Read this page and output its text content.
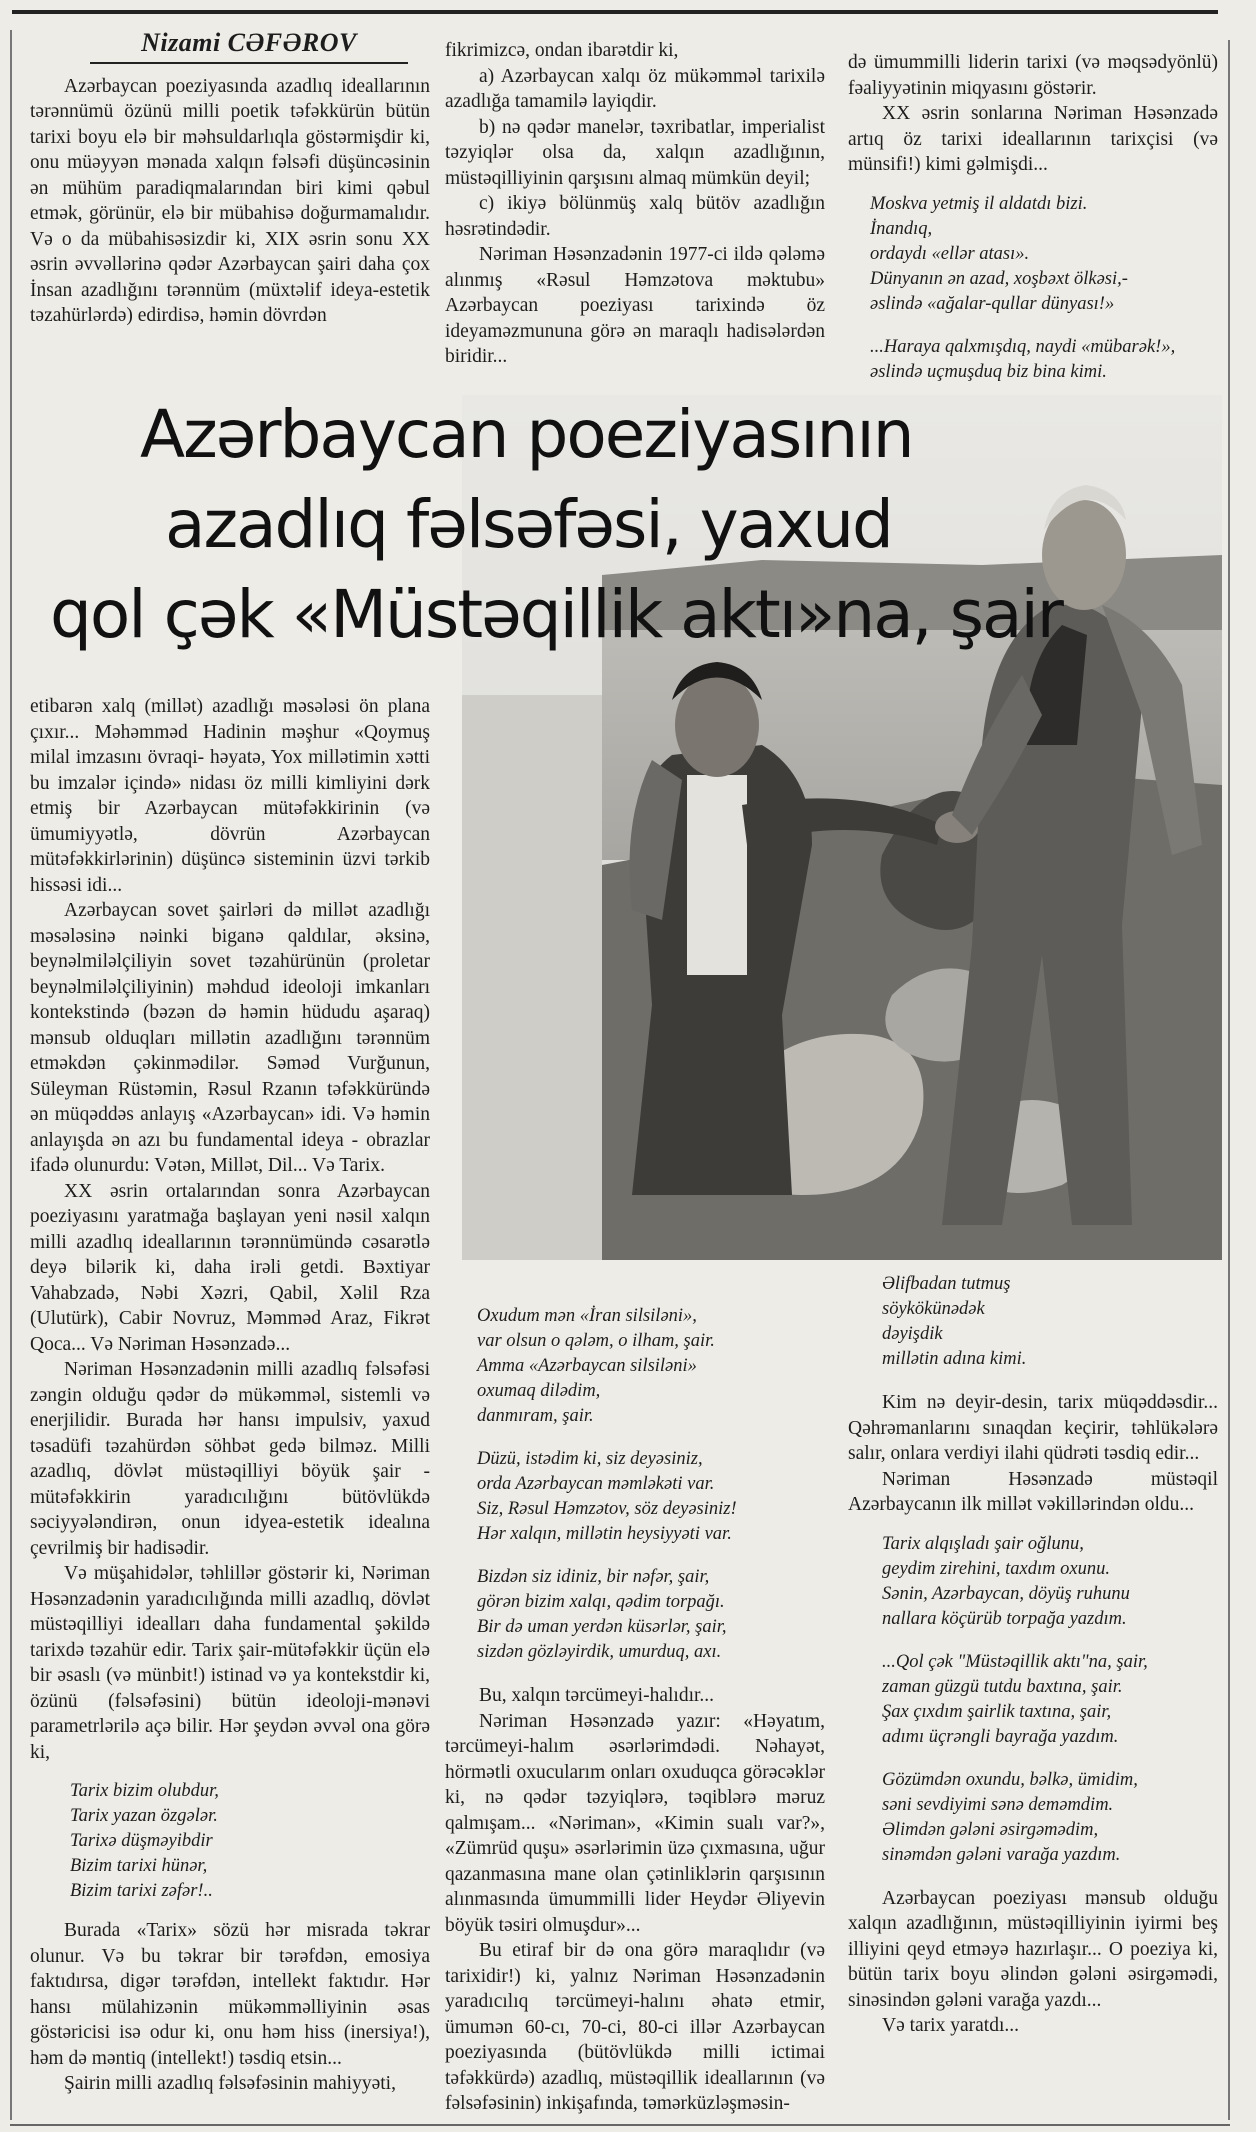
Nizami CƏFƏROV

Azərbaycan poeziyasında azadlıq ideallarının tərənnümü özünü milli poetik təfəkkürün bütün tarixi boyu elə bir məhsuldarlıqla göstərmişdir ki, onu müəyyən mənada xalqın fəlsəfi düşüncəsinin ən mühüm paradiqmalarından biri kimi qəbul etmək, görünür, elə bir mübahisə doğurmamalıdır. Və o da mübahisəsizdir ki, XIX əsrin sonu XX əsrin əvvəllərinə qədər Azərbaycan şairi daha çox İnsan azadlığını tərənnüm (müxtəlif ideya-estetik təzahürlərdə) edirdisə, həmin dövrdən

fikrimizcə, ondan ibarətdir ki,

a) Azərbaycan xalqı öz mükəmməl tarixilə azadlığa tamamilə layiqdir.

b) nə qədər manelər, təxribatlar, imperialist təzyiqlər olsa da, xalqın azadlığının, müstəqilliyinin qarşısını almaq mümkün deyil;

c) ikiyə bölünmüş xalq bütöv azadlığın həsrətindədir.

Nəriman Həsənzadənin 1977-ci ildə qələmə alınmış «Rəsul Həmzətova məktubu» Azərbaycan poeziyası tarixində öz ideyaməzmununa görə ən maraqlı hadisələrdən biridir...

də ümummilli liderin tarixi (və məqsədyönlü) fəaliyyətinin miqyasını göstərir.

XX əsrin sonlarına Nəriman Həsənzadə artıq öz tarixi ideallarının tarixçisi (və münsifi!) kimi gəlmişdi...

Moskva yetmiş il aldatdı bizi.
İnandıq,
ordaydı «ellər atası».
Dünyanın ən azad, xoşbəxt ölkəsi,-
əslində «ağalar-qullar dünyası!»
...Haraya qalxmışdıq, naydi «mübarək!»,
əslində uçmuşduq biz bina kimi.
Azərbaycan poeziyasının
azadlıq fəlsəfəsi, yaxud
qol çək «Müstəqillik aktı»na, şair

etibarən xalq (millət) azadlığı məsələsi ön plana çıxır... Məhəmməd Hadinin məşhur «Qoymuş milal imzasını övraqi- həyatə, Yox millətimin xətti bu imzalər içində» nidası öz milli kimliyini dərk etmiş bir Azərbaycan mütəfəkkirinin (və ümumiyyətlə, dövrün Azərbaycan mütəfəkkirlərinin) düşüncə sisteminin üzvi tərkib hissəsi idi...

Azərbaycan sovet şairləri də millət azadlığı məsələsinə nəinki biganə qaldılar, əksinə, beynəlmiləlçiliyin sovet təzahürünün (proletar beynəlmiləlçiliyinin) məhdud ideoloji imkanları kontekstində (bəzən də həmin hüdudu aşaraq) mənsub olduqları millətin azadlığını tərənnüm etməkdən çəkinmədilər. Səməd Vurğunun, Süleyman Rüstəmin, Rəsul Rzanın təfəkküründə ən müqəddəs anlayış «Azərbaycan» idi. Və həmin anlayışda ən azı bu fundamental ideya - obrazlar ifadə olunurdu: Vətən, Millət, Dil... Və Tarix.

XX əsrin ortalarından sonra Azərbaycan poeziyasını yaratmağa başlayan yeni nəsil xalqın milli azadlıq ideallarının tərənnümündə cəsarətlə deyə bilərik ki, daha irəli getdi. Bəxtiyar Vahabzadə, Nəbi Xəzri, Qabil, Xəlil Rza (Ulutürk), Cabir Novruz, Məmməd Araz, Fikrət Qoca... Və Nəriman Həsənzadə...

Nəriman Həsənzadənin milli azadlıq fəlsəfəsi zəngin olduğu qədər də mükəmməl, sistemli və enerjilidir. Burada hər hansı impulsiv, yaxud təsadüfi təzahürdən söhbət gedə bilməz. Milli azadlıq, dövlət müstəqilliyi böyük şair - mütəfəkkirin yaradıcılığını bütövlükdə səciyyələndirən, onun idyea-estetik idealına çevrilmiş bir hadisədir.

Və müşahidələr, təhlillər göstərir ki, Nəriman Həsənzadənin yaradıcılığında milli azadlıq, dövlət müstəqilliyi idealları daha fundamental şəkildə tarixdə təzahür edir. Tarix şair-mütəfəkkir üçün elə bir əsaslı (və münbit!) istinad və ya kontekstdir ki, özünü (fəlsəfəsini) bütün ideoloji-mənəvi parametrlərilə açə bilir. Hər şeydən əvvəl ona görə ki,

Tarix bizim olubdur,
Tarix yazan özgələr.
Tarixə düşməyibdir
Bizim tarixi hünər,
Bizim tarixi zəfər!..

Burada «Tarix» sözü hər misrada təkrar olunur. Və bu təkrar bir tərəfdən, emosiya faktıdırsa, digər tərəfdən, intellekt faktıdır. Hər hansı mülahizənin mükəmməlliyinin əsas göstəricisi isə odur ki, onu həm hiss (inersiya!), həm də məntiq (intellekt!) təsdiq etsin...

Şairin milli azadlıq fəlsəfəsinin mahiyyəti,

Oxudum mən «İran silsiləni»,
var olsun o qələm, o ilham, şair.
Amma «Azərbaycan silsiləni»
oxumaq dilədim,
danmıram, şair.
Düzü, istədim ki, siz deyəsiniz,
orda Azərbaycan məmləkəti var.
Siz, Rəsul Həmzətov, söz deyəsiniz!
Hər xalqın, millətin heysiyyəti var.
Bizdən siz idiniz, bir nəfər, şair,
görən bizim xalqı, qədim torpağı.
Bir də uman yerdən küsərlər, şair,
sizdən gözləyirdik, umurduq, axı.

Bu, xalqın tərcümeyi-halıdır...

Nəriman Həsənzadə yazır: «Həyatım, tərcümeyi-halım əsərlərimdədi. Nəhayət, hörmətli oxucularım onları oxuduqca görəcəklər ki, nə qədər təzyiqlərə, təqiblərə məruz qalmışam... «Nəriman», «Kimin sualı var?», «Zümrüd quşu» əsərlərimin üzə çıxmasına, uğur qazanmasına mane olan çətinliklərin qarşısının alınmasında ümummilli lider Heydər Əliyevin böyük təsiri olmuşdur»...

Bu etiraf bir də ona görə maraqlıdır (və tarixidir!) ki, yalnız Nəriman Həsənzadənin yaradıcılıq tərcümeyi-halını əhatə etmir, ümumən 60-cı, 70-ci, 80-ci illər Azərbaycan poeziyasında (bütövlükdə milli ictimai təfəkkürdə) azadlıq, müstəqillik ideallarının (və fəlsəfəsinin) inkişafında, təmərküzləşməsin-

Əlifbadan tutmuş
söykökünədək
dəyişdik
millətin adına kimi.

Kim nə deyir-desin, tarix müqəddəsdir... Qəhrəmanlarını sınaqdan keçirir, təhlükələrə salır, onlara verdiyi ilahi qüdrəti təsdiq edir...

Nəriman Həsənzadə müstəqil Azərbaycanın ilk millət vəkillərindən oldu...

Tarix alqışladı şair oğlunu,
geydim zirehini, taxdım oxunu.
Sənin, Azərbaycan, döyüş ruhunu
nallara köçürüb torpağa yazdım.
...Qol çək "Müstəqillik aktı"na, şair,
zaman güzgü tutdu baxtına, şair.
Şax çıxdım şairlik taxtına, şair,
adımı üçrəngli bayrağa yazdım.
Gözümdən oxundu, bəlkə, ümidim,
səni sevdiyimi sənə deməmdim.
Əlimdən gələni əsirgəmədim,
sinəmdən gələni varağa yazdım.

Azərbaycan poeziyası mənsub olduğu xalqın azadlığının, müstəqilliyinin iyirmi beş illiyini qeyd etməyə hazırlaşır... O poeziya ki, bütün tarix boyu əlindən gələni əsirgəmədi, sinəsindən gələni varağa yazdı...

Və tarix yaratdı...
